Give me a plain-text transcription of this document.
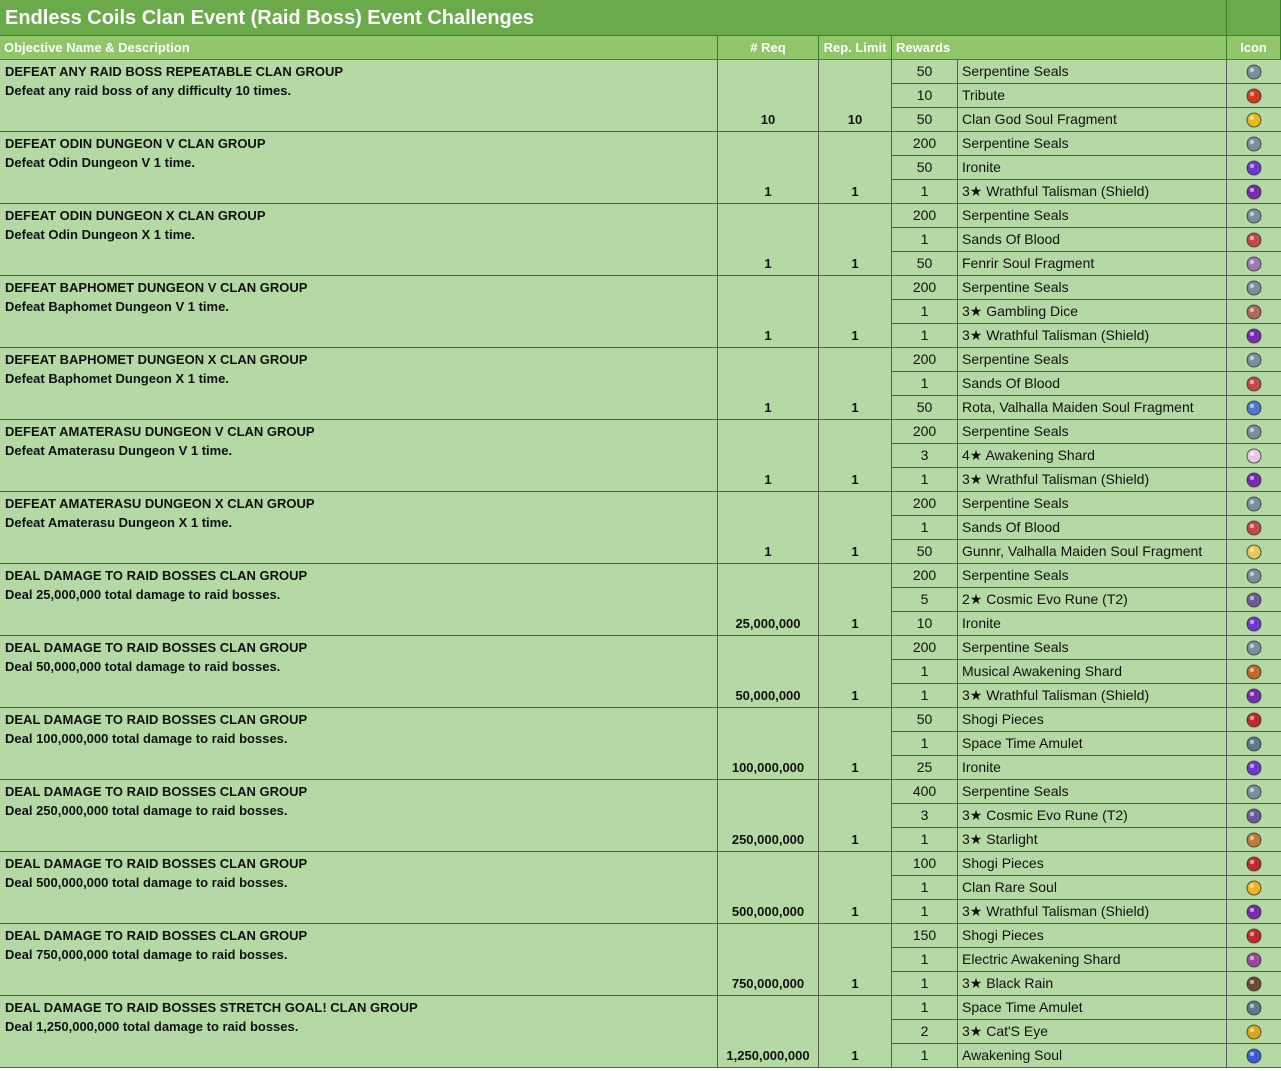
Endless Coils Clan Event (Raid Boss) Event Challenges
Objective Name & Description	# Req	Rep. Limit Rewards	Icon
DEFEAT ANY RAID BOSS REPEATABLE CLAN GROUP
Defeat any raid boss of any difficulty 10 times.
10	10
50	Serpentine Seals
10	Tribute
50	Clan God Soul Fragment
DEFEAT ODIN DUNGEON V CLAN GROUP
Defeat Odin Dungeon V 1 time.
1	1
200	Serpentine Seals
50	Ironite
1	3★ Wrathful Talisman (Shield)
DEFEAT ODIN DUNGEON X CLAN GROUP
Defeat Odin Dungeon X 1 time.
1	1
200	Serpentine Seals
1	Sands Of Blood
50	Fenrir Soul Fragment
DEFEAT BAPHOMET DUNGEON V CLAN GROUP
Defeat Baphomet Dungeon V 1 time.
1	1
200	Serpentine Seals
1	3★ Gambling Dice
1	3★ Wrathful Talisman (Shield)
DEFEAT BAPHOMET DUNGEON X CLAN GROUP
Defeat Baphomet Dungeon X 1 time.
1	1
200	Serpentine Seals
1	Sands Of Blood
50	Rota, Valhalla Maiden Soul Fragment
DEFEAT AMATERASU DUNGEON V CLAN GROUP
Defeat Amaterasu Dungeon V 1 time.
1	1
200	Serpentine Seals
3	4★ Awakening Shard
1	3★ Wrathful Talisman (Shield)
DEFEAT AMATERASU DUNGEON X CLAN GROUP
Defeat Amaterasu Dungeon X 1 time.
1	1
200	Serpentine Seals
1	Sands Of Blood
50	Gunnr, Valhalla Maiden Soul Fragment
DEAL DAMAGE TO RAID BOSSES CLAN GROUP
Deal 25,000,000 total damage to raid bosses.
25,000,000	1
200	Serpentine Seals
5	2★ Cosmic Evo Rune (T2)
10	Ironite
DEAL DAMAGE TO RAID BOSSES CLAN GROUP
Deal 50,000,000 total damage to raid bosses.
50,000,000	1
200	Serpentine Seals
1	Musical Awakening Shard
1	3★ Wrathful Talisman (Shield)
DEAL DAMAGE TO RAID BOSSES CLAN GROUP
Deal 100,000,000 total damage to raid bosses.
100,000,000	1
50	Shogi Pieces
1	Space Time Amulet
25	Ironite
DEAL DAMAGE TO RAID BOSSES CLAN GROUP
Deal 250,000,000 total damage to raid bosses.
250,000,000	1
400	Serpentine Seals
3	3★ Cosmic Evo Rune (T2)
1	3★ Starlight
DEAL DAMAGE TO RAID BOSSES CLAN GROUP
Deal 500,000,000 total damage to raid bosses.
500,000,000	1
100	Shogi Pieces
1	Clan Rare Soul
1	3★ Wrathful Talisman (Shield)
DEAL DAMAGE TO RAID BOSSES CLAN GROUP
Deal 750,000,000 total damage to raid bosses.
750,000,000	1
150	Shogi Pieces
1	Electric Awakening Shard
1	3★ Black Rain
DEAL DAMAGE TO RAID BOSSES STRETCH GOAL! CLAN GROUP
Deal 1,250,000,000 total damage to raid bosses.
1,250,000,000	1
1	Space Time Amulet
2	3★ Cat'S Eye
1	Awakening Soul
